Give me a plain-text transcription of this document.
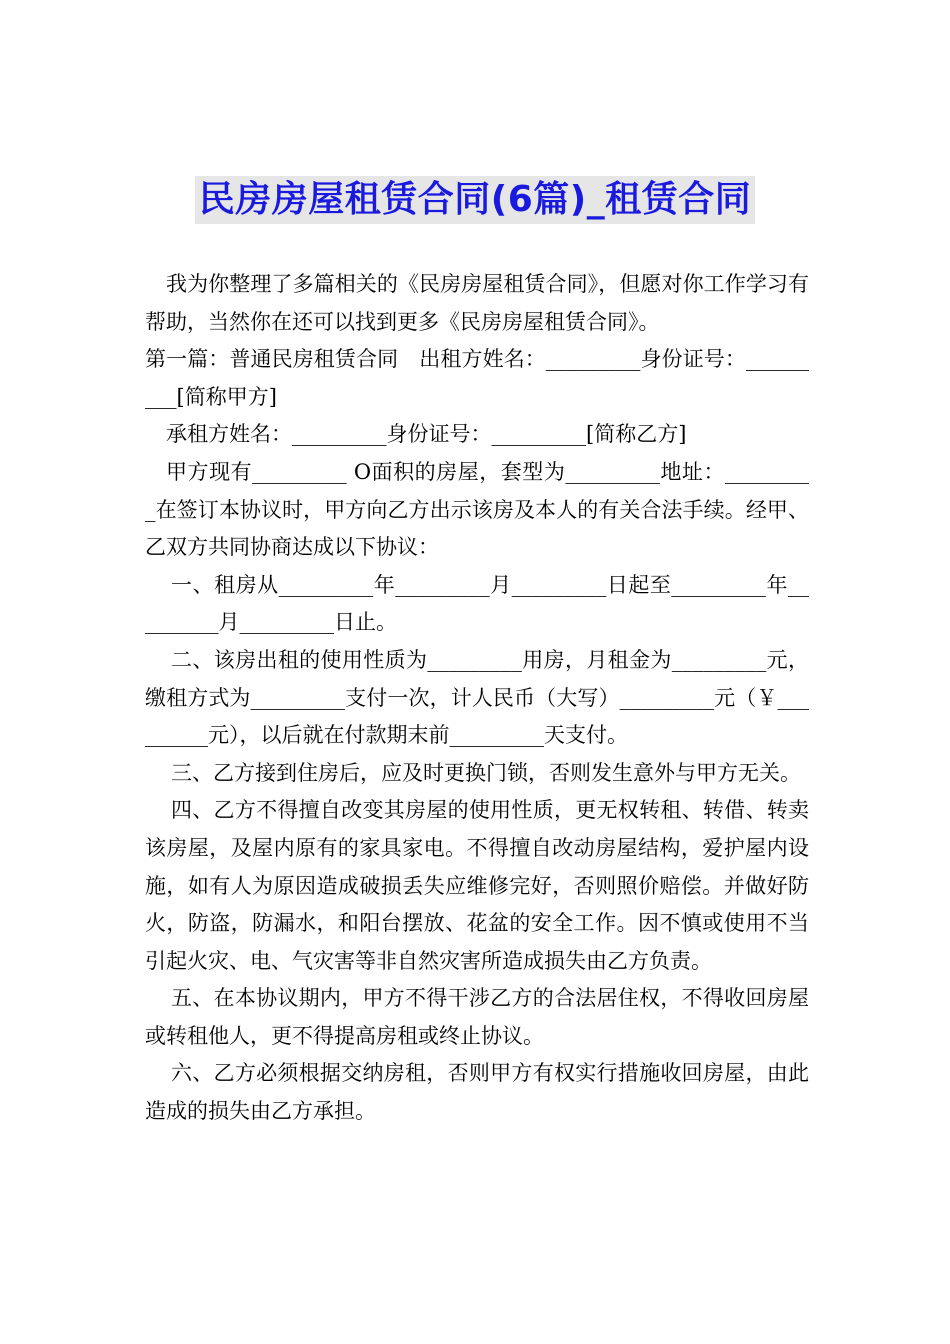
民房房屋租赁合同(6篇)_租赁合同

我为你整理了多篇相关的《民房房屋租赁合同》，但愿对你工作学习有帮助，当然你在还可以找到更多《民房房屋租赁合同》。

第一篇：普通民房租赁合同　出租方姓名：_________身份证号：_________[简称甲方]

承租方姓名：_________身份证号：_________[简称乙方]

甲方现有_________ O面积的房屋，套型为_________地址：_________在签订本协议时，甲方向乙方出示该房及本人的有关合法手续。经甲、乙双方共同协商达成以下协议：

一、租房从_________年_________月_________日起至_________年_________月_________日止。

二、该房出租的使用性质为_________用房，月租金为_________元，缴租方式为_________支付一次，计人民币（大写）_________元（￥_________元），以后就在付款期末前_________天支付。

三、乙方接到住房后，应及时更换门锁，否则发生意外与甲方无关。

四、乙方不得擅自改变其房屋的使用性质，更无权转租、转借、转卖该房屋，及屋内原有的家具家电。不得擅自改动房屋结构，爱护屋内设施，如有人为原因造成破损丢失应维修完好，否则照价赔偿。并做好防火，防盗，防漏水，和阳台摆放、花盆的安全工作。因不慎或使用不当引起火灾、电、气灾害等非自然灾害所造成损失由乙方负责。

五、在本协议期内，甲方不得干涉乙方的合法居住权，不得收回房屋或转租他人，更不得提高房租或终止协议。

六、乙方必须根据交纳房租，否则甲方有权实行措施收回房屋，由此造成的损失由乙方承担。
